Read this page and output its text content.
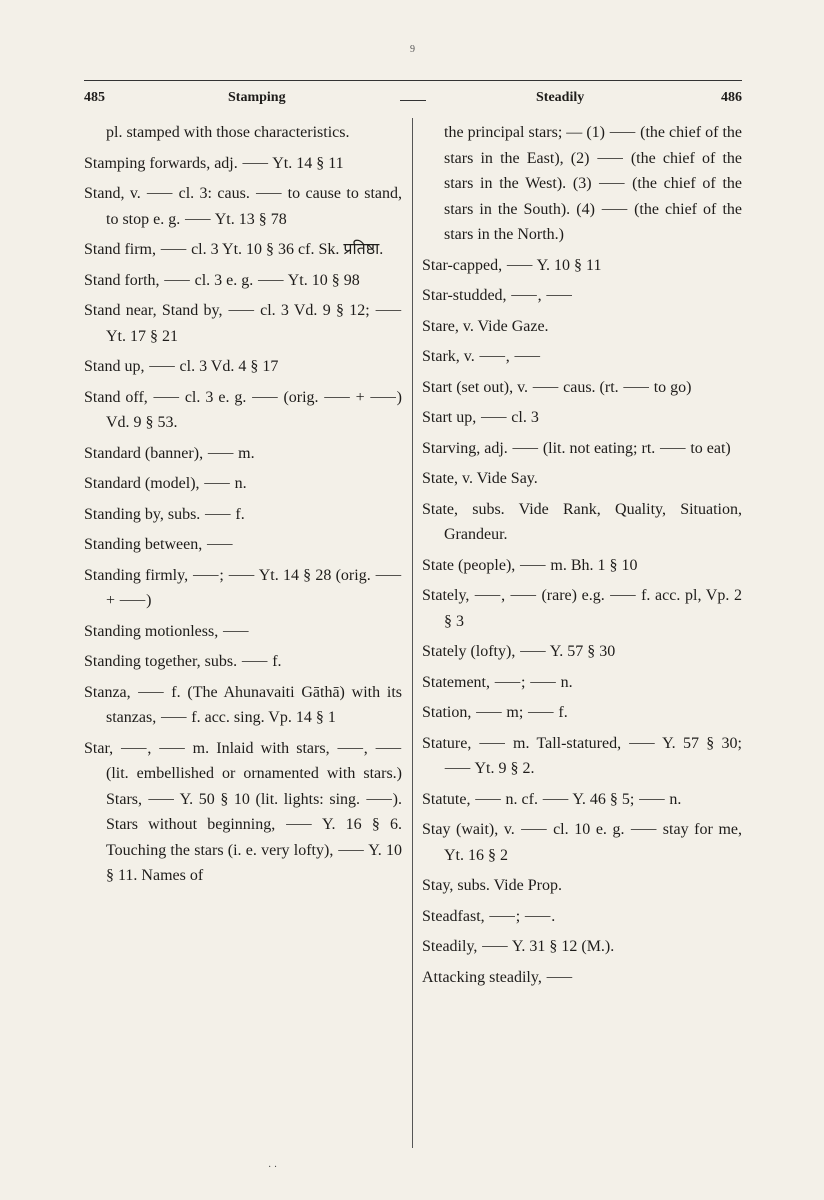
9
485	Stamping	Steadily	486

pl. stamped with those characteristics.

Stamping forwards, adj. ⸺ Yt. 14 § 11

Stand, v. ⸺ cl. 3: caus. ⸺ to cause to stand, to stop e. g. ⸺ Yt. 13 § 78

Stand firm, ⸺ cl. 3 Yt. 10 § 36 cf. Sk. प्रतिष्ठा.

Stand forth, ⸺ cl. 3 e. g. ⸺ Yt. 10 § 98

Stand near, Stand by, ⸺ cl. 3 Vd. 9 § 12; ⸺ Yt. 17 § 21

Stand up, ⸺ cl. 3 Vd. 4 § 17

Stand off, ⸺ cl. 3 e. g. ⸺ (orig. ⸺ + ⸺) Vd. 9 § 53.

Standard (banner), ⸺ m.

Standard (model), ⸺ n.

Standing by, subs. ⸺ f.

Standing between, ⸺

Standing firmly, ⸺; ⸺ Yt. 14 § 28 (orig. ⸺ + ⸺)

Standing motionless, ⸺

Standing together, subs. ⸺ f.

Stanza, ⸺ f. (The Ahunavaiti Gāthā) with its stanzas, ⸺ f. acc. sing. Vp. 14 § 1

Star, ⸺, ⸺ m. Inlaid with stars, ⸺, ⸺ (lit. embellished or ornamented with stars.) Stars, ⸺ Y. 50 § 10 (lit. lights: sing. ⸺). Stars without beginning, ⸺ Y. 16 § 6. Touching the stars (i. e. very lofty), ⸺ Y. 10 § 11. Names of

the principal stars; — (1) ⸺ (the chief of the stars in the East), (2) ⸺ (the chief of the stars in the West). (3) ⸺ (the chief of the stars in the South). (4) ⸺ (the chief of the stars in the North.)

Star-capped, ⸺ Y. 10 § 11

Star-studded, ⸺, ⸺

Stare, v. Vide Gaze.

Stark, v. ⸺, ⸺

Start (set out), v. ⸺ caus. (rt. ⸺ to go)

Start up, ⸺ cl. 3

Starving, adj. ⸺ (lit. not eating; rt. ⸺ to eat)

State, v. Vide Say.

State, subs. Vide Rank, Quality, Situation, Grandeur.

State (people), ⸺ m. Bh. 1 § 10

Stately, ⸺, ⸺ (rare) e.g. ⸺ f. acc. pl, Vp. 2 § 3

Stately (lofty), ⸺ Y. 57 § 30

Statement, ⸺; ⸺ n.

Station, ⸺ m; ⸺ f.

Stature, ⸺ m. Tall-statured, ⸺ Y. 57 § 30; ⸺ Yt. 9 § 2.

Statute, ⸺ n. cf. ⸺ Y. 46 § 5; ⸺ n.

Stay (wait), v. ⸺ cl. 10 e. g. ⸺ stay for me, Yt. 16 § 2

Stay, subs. Vide Prop.

Steadfast, ⸺; ⸺.

Steadily, ⸺ Y. 31 § 12 (M.).

Attacking steadily, ⸺

· ·
